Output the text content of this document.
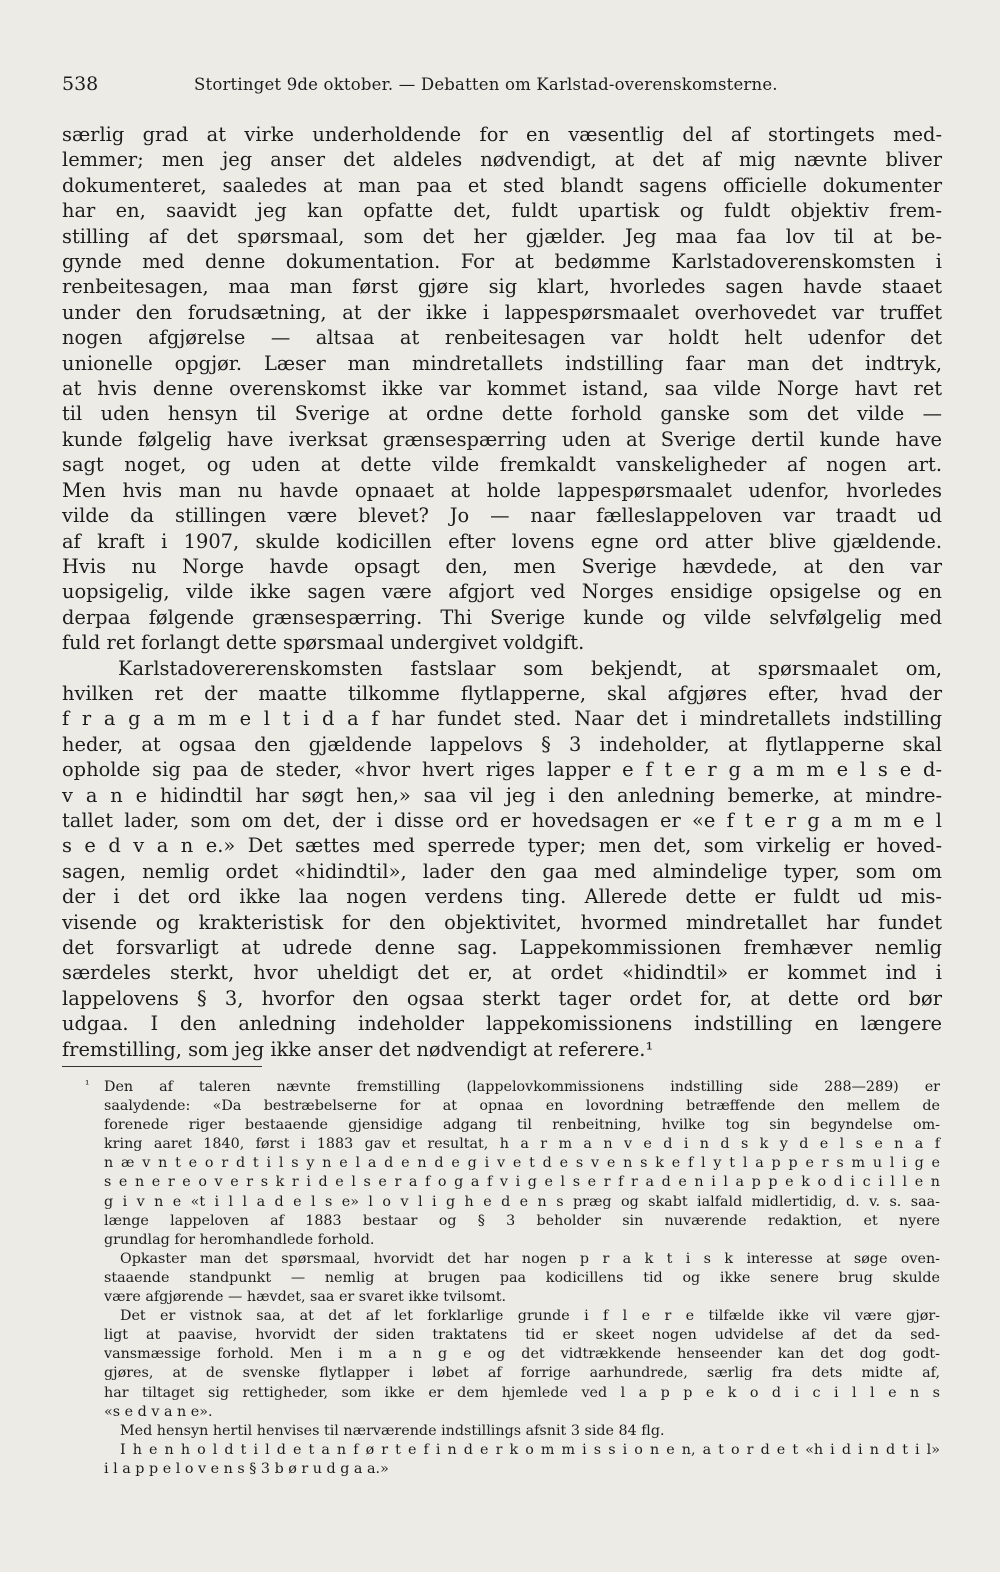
538	Stortinget 9de oktober. — Debatten om Karlstad-overenskomsterne.
særlig grad at virke underholdende for en væsentlig del af stortingets med-
lemmer; men jeg anser det aldeles nødvendigt, at det af mig nævnte bliver
dokumenteret, saaledes at man paa et sted blandt sagens officielle dokumenter
har en, saavidt jeg kan opfatte det, fuldt upartisk og fuldt objektiv frem-
stilling af det spørsmaal, som det her gjælder. Jeg maa faa lov til at be-
gynde med denne dokumentation. For at bedømme Karlstadoverenskomsten i
renbeitesagen, maa man først gjøre sig klart, hvorledes sagen havde staaet
under den forudsætning, at der ikke i lappespørsmaalet overhovedet var truffet
nogen afgjørelse — altsaa at renbeitesagen var holdt helt udenfor det
unionelle opgjør. Læser man mindretallets indstilling faar man det indtryk,
at hvis denne overenskomst ikke var kommet istand, saa vilde Norge havt ret
til uden hensyn til Sverige at ordne dette forhold ganske som det vilde —
kunde følgelig have iverksat grænsespærring uden at Sverige dertil kunde have
sagt noget, og uden at dette vilde fremkaldt vanskeligheder af nogen art.
Men hvis man nu havde opnaaet at holde lappespørsmaalet udenfor, hvorledes
vilde da stillingen være blevet? Jo — naar fælleslappeloven var traadt ud
af kraft i 1907, skulde kodicillen efter lovens egne ord atter blive gjældende.
Hvis nu Norge havde opsagt den, men Sverige hævdede, at den var
uopsigelig, vilde ikke sagen være afgjort ved Norges ensidige opsigelse og en
derpaa følgende grænsespærring. Thi Sverige kunde og vilde selvfølgelig med
fuld ret forlangt dette spørsmaal undergivet voldgift.
Karlstadovererenskomsten fastslaar som bekjendt, at spørsmaalet om,
hvilken ret der maatte tilkomme flytlapperne, skal afgjøres efter, hvad der
f r a g a m m e l t i d a f har fundet sted. Naar det i mindretallets indstilling
heder, at ogsaa den gjældende lappelovs § 3 indeholder, at flytlapperne skal
opholde sig paa de steder, «hvor hvert riges lapper e f t e r g a m m e l s e d-
v a n e hidindtil har søgt hen,» saa vil jeg i den anledning bemerke, at mindre-
tallet lader, som om det, der i disse ord er hovedsagen er «e f t e r g a m m e l
s e d v a n e.» Det sættes med sperrede typer; men det, som virkelig er hoved-
sagen, nemlig ordet «hidindtil», lader den gaa med almindelige typer, som om
der i det ord ikke laa nogen verdens ting. Allerede dette er fuldt ud mis-
visende og krakteristisk for den objektivitet, hvormed mindretallet har fundet
det forsvarligt at udrede denne sag. Lappekommissionen fremhæver nemlig
særdeles sterkt, hvor uheldigt det er, at ordet «hidindtil» er kommet ind i
lappelovens § 3, hvorfor den ogsaa sterkt tager ordet for, at dette ord bør
udgaa. I den anledning indeholder lappekomissionens indstilling en længere
fremstilling, som jeg ikke anser det nødvendigt at referere.¹
¹	Den af taleren nævnte fremstilling (lappelovkommissionens indstilling side 288—289) er
saalydende: «Da bestræbelserne for at opnaa en lovordning betræffende den mellem de
forenede riger bestaaende gjensidige adgang til renbeitning, hvilke tog sin begyndelse om-
kring aaret 1840, først i 1883 gav et resultat, h a r m a n v e d i n d s k y d e l s e n a f
n æ v n t e o r d t i l s y n e l a d e n d e g i v e t d e s v e n s k e f l y t l a p p e r s m u l i g e
s e n e r e o v e r s k r i d e l s e r a f o g a f v i g e l s e r f r a d e n i l a p p e k o d i c i l l e n
g i v n e «t i l l a d e l s e» l o v l i g h e d e n s præg og skabt ialfald midlertidig, d. v. s. saa-
længe lappeloven af 1883 bestaar og § 3 beholder sin nuværende redaktion, et nyere
grundlag for heromhandlede forhold.
Opkaster man det spørsmaal, hvorvidt det har nogen p r a k t i s k interesse at søge oven-
staaende standpunkt — nemlig at brugen paa kodicillens tid og ikke senere brug skulde
være afgjørende — hævdet, saa er svaret ikke tvilsomt.
Det er vistnok saa, at det af let forklarlige grunde i f l e r e tilfælde ikke vil være gjør-
ligt at paavise, hvorvidt der siden traktatens tid er skeet nogen udvidelse af det da sed-
vansmæssige forhold. Men i m a n g e og det vidtrækkende henseender kan det dog godt-
gjøres, at de svenske flytlapper i løbet af forrige aarhundrede, særlig fra dets midte af,
har tiltaget sig rettigheder, som ikke er dem hjemlede ved l a p p e k o d i c i l l e n s
«s e d v a n e».
Med hensyn hertil henvises til nærværende indstillings afsnit 3 side 84 flg.
I h e n h o l d t i l d e t a n f ø r t e f i n d e r k o m m i s s i o n e n, a t o r d e t «h i d i n d t i l»
i l a p p e l o v e n s § 3 b ø r u d g a a.»
